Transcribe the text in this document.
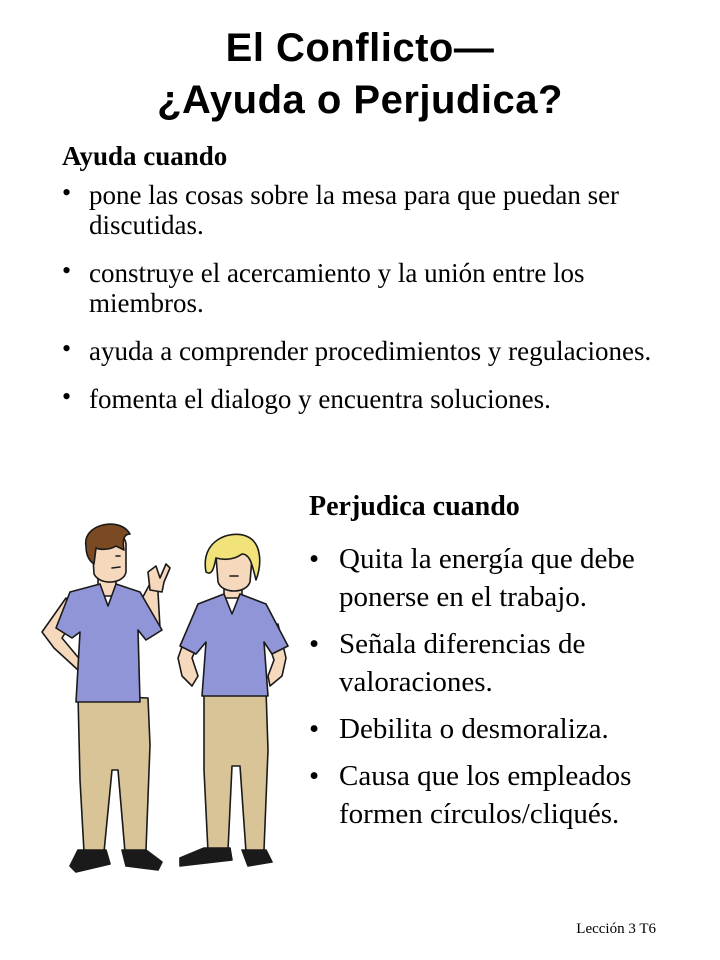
El Conflicto—
¿Ayuda o Perjudica?
Ayuda cuando
• pone las cosas sobre la mesa para que puedan ser discutidas.
• construye el acercamiento y la unión entre los miembros.
• ayuda a comprender procedimientos y regulaciones.
• fomenta el dialogo y encuentra soluciones.
Perjudica cuando
• Quita la energía que debe ponerse en el trabajo.
• Señala diferencias de valoraciones.
• Debilita o desmoraliza.
• Causa que los empleados formen círculos/cliqués.
Lección 3 T6
